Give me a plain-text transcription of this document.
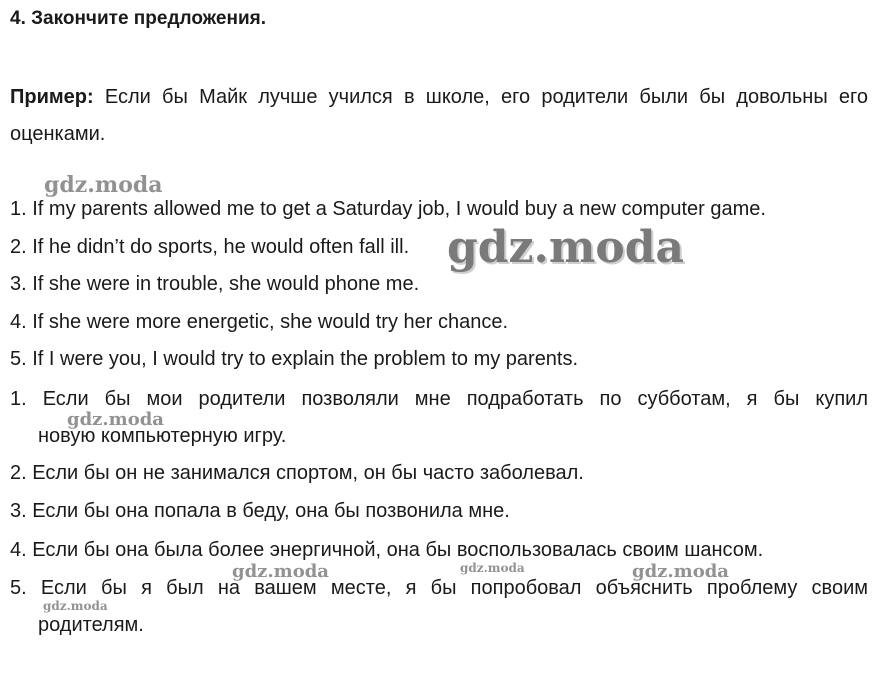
4. Закончите предложения.
Пример: Если бы Майк лучше учился в школе, его родители были бы довольны его оценками.
1. If my parents allowed me to get a Saturday job, I would buy a new computer game.
2. If he didn’t do sports, he would often fall ill.
3. If she were in trouble, she would phone me.
4. If she were more energetic, she would try her chance.
5. If I were you, I would try to explain the problem to my parents.
1. Если бы мои родители позволяли мне подработать по субботам, я бы купил
новую компьютерную игру.
2. Если бы он не занимался спортом, он бы часто заболевал.
3. Если бы она попала в беду, она бы позвонила мне.
4. Если бы она была более энергичной, она бы воспользовалась своим шансом.
5. Если бы я был на вашем месте, я бы попробовал объяснить проблему своим
родителям.
gdz.moda
gdz.moda
gdz.moda
gdz.moda	gdz.moda	gdz.moda
gdz.moda
